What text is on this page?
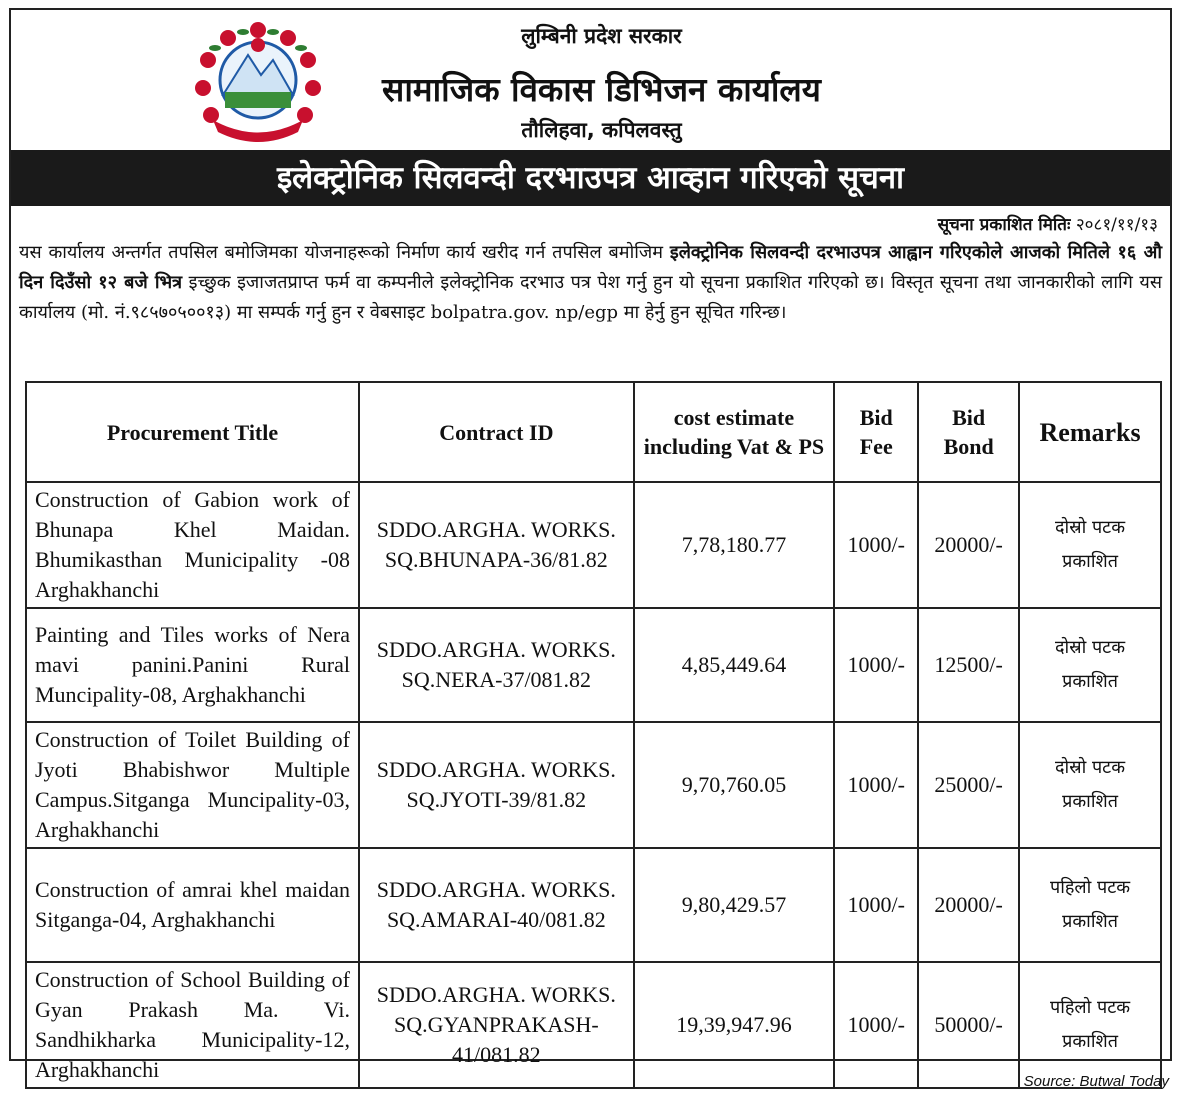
लुम्बिनी प्रदेश सरकार
सामाजिक विकास डिभिजन कार्यालय
तौलिहवा, कपिलवस्तु
इलेक्ट्रोनिक सिलवन्दी दरभाउपत्र आव्हान गरिएको सूचना
सूचना प्रकाशित मितिः २०८१/११/१३
यस कार्यालय अन्तर्गत तपसिल बमोजिमका योजनाहरूको निर्माण कार्य खरीद गर्न तपसिल बमोजिम इलेक्ट्रोनिक सिलवन्दी दरभाउपत्र आह्वान गरिएकोले आजको मितिले १६ औ दिन दिउँसो १२ बजे भित्र इच्छुक इजाजतप्राप्त फर्म वा कम्पनीले इलेक्ट्रोनिक दरभाउ पत्र पेश गर्नु हुन यो सूचना प्रकाशित गरिएको छ। विस्तृत सूचना तथा जानकारीको लागि यस कार्यालय (मो. नं.९८५७०५००१३) मा सम्पर्क गर्नु हुन र वेबसाइट bolpatra.gov. np/egp मा हेर्नु हुन सूचित गरिन्छ।
Procurement Title	Contract ID	cost estimate including Vat & PS	Bid Fee	Bid Bond	Remarks
Construction of Gabion work of Bhunapa Khel Maidan. Bhumikasthan Municipality -08 Arghakhanchi	SDDO.ARGHA. WORKS. SQ.BHUNAPA-36/81.82	7,78,180.77	1000/-	20000/-	दोस्रो पटक प्रकाशित
Painting and Tiles works of Nera mavi panini.Panini Rural Muncipality-08, Arghakhanchi	SDDO.ARGHA. WORKS. SQ.NERA-37/081.82	4,85,449.64	1000/-	12500/-	दोस्रो पटक प्रकाशित
Construction of Toilet Building of Jyoti Bhabishwor Multiple Campus.Sitganga Muncipality-03, Arghakhanchi	SDDO.ARGHA. WORKS. SQ.JYOTI-39/81.82	9,70,760.05	1000/-	25000/-	दोस्रो पटक प्रकाशित
Construction of amrai khel maidan Sitganga-04, Arghakhanchi	SDDO.ARGHA. WORKS. SQ.AMARAI-40/081.82	9,80,429.57	1000/-	20000/-	पहिलो पटक प्रकाशित
Construction of School Building of Gyan Prakash Ma. Vi. Sandhikharka Municipality-12, Arghakhanchi	SDDO.ARGHA. WORKS. SQ.GYANPRAKASH-41/081.82	19,39,947.96	1000/-	50000/-	पहिलो पटक प्रकाशित
Source: Butwal Today
